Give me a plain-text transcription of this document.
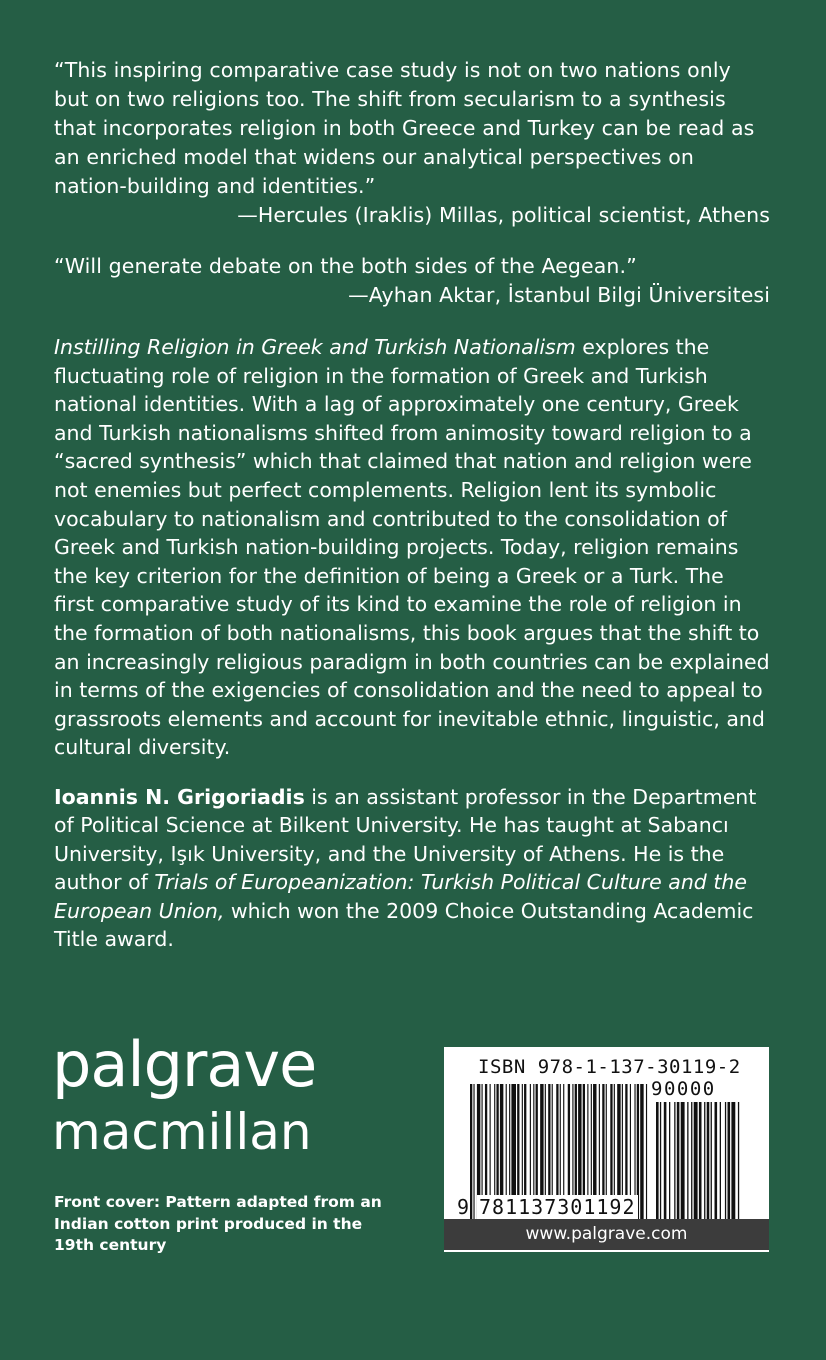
“This inspiring comparative case study is not on two nations only but on two religions too. The shift from secularism to a synthesis that incorporates religion in both Greece and Turkey can be read as an enriched model that widens our analytical perspectives on nation-building and identities.”
—Hercules (Iraklis) Millas, political scientist, Athens
“Will generate debate on the both sides of the Aegean.”
—Ayhan Aktar, İstanbul Bilgi Üniversitesi
Instilling Religion in Greek and Turkish Nationalism explores the fluctuating role of religion in the formation of Greek and Turkish national identities. With a lag of approximately one century, Greek and Turkish nationalisms shifted from animosity toward religion to a “sacred synthesis” which that claimed that nation and religion were not enemies but perfect complements. Religion lent its symbolic vocabulary to nationalism and contributed to the consolidation of Greek and Turkish nation-building projects. Today, religion remains the key criterion for the definition of being a Greek or a Turk. The first comparative study of its kind to examine the role of religion in the formation of both nationalisms, this book argues that the shift to an increasingly religious paradigm in both countries can be explained in terms of the exigencies of consolidation and the need to appeal to grassroots elements and account for inevitable ethnic, linguistic, and cultural diversity.
Ioannis N. Grigoriadis is an assistant professor in the Department of Political Science at Bilkent University. He has taught at Sabancı University, Işık University, and the University of Athens. He is the author of Trials of Europeanization: Turkish Political Culture and the European Union, which won the 2009 Choice Outstanding Academic Title award.
palgrave
macmillan
Front cover: Pattern adapted from an Indian cotton print produced in the 19th century
ISBN 978-1-137-30119-2
90000
9 781137301192
www.palgrave.com
